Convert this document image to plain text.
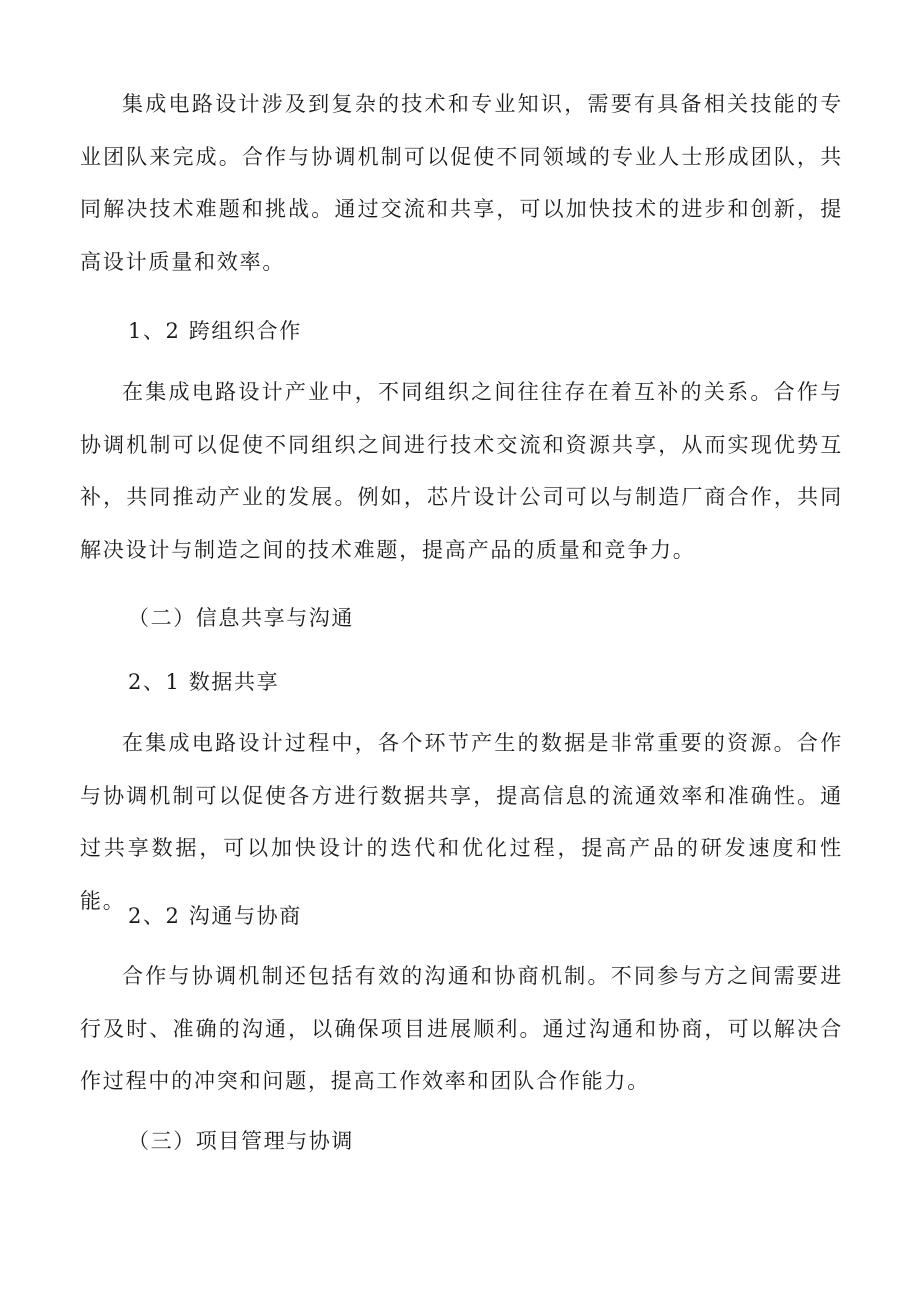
集成电路设计涉及到复杂的技术和专业知识，需要有具备相关技能的专业团队来完成。合作与协调机制可以促使不同领域的专业人士形成团队，共同解决技术难题和挑战。通过交流和共享，可以加快技术的进步和创新，提高设计质量和效率。

1、2 跨组织合作

在集成电路设计产业中，不同组织之间往往存在着互补的关系。合作与协调机制可以促使不同组织之间进行技术交流和资源共享，从而实现优势互补，共同推动产业的发展。例如，芯片设计公司可以与制造厂商合作，共同解决设计与制造之间的技术难题，提高产品的质量和竞争力。

（二）信息共享与沟通

2、1 数据共享

在集成电路设计过程中，各个环节产生的数据是非常重要的资源。合作与协调机制可以促使各方进行数据共享，提高信息的流通效率和准确性。通过共享数据，可以加快设计的迭代和优化过程，提高产品的研发速度和性能。

2、2 沟通与协商

合作与协调机制还包括有效的沟通和协商机制。不同参与方之间需要进行及时、准确的沟通，以确保项目进展顺利。通过沟通和协商，可以解决合作过程中的冲突和问题，提高工作效率和团队合作能力。

（三）项目管理与协调
